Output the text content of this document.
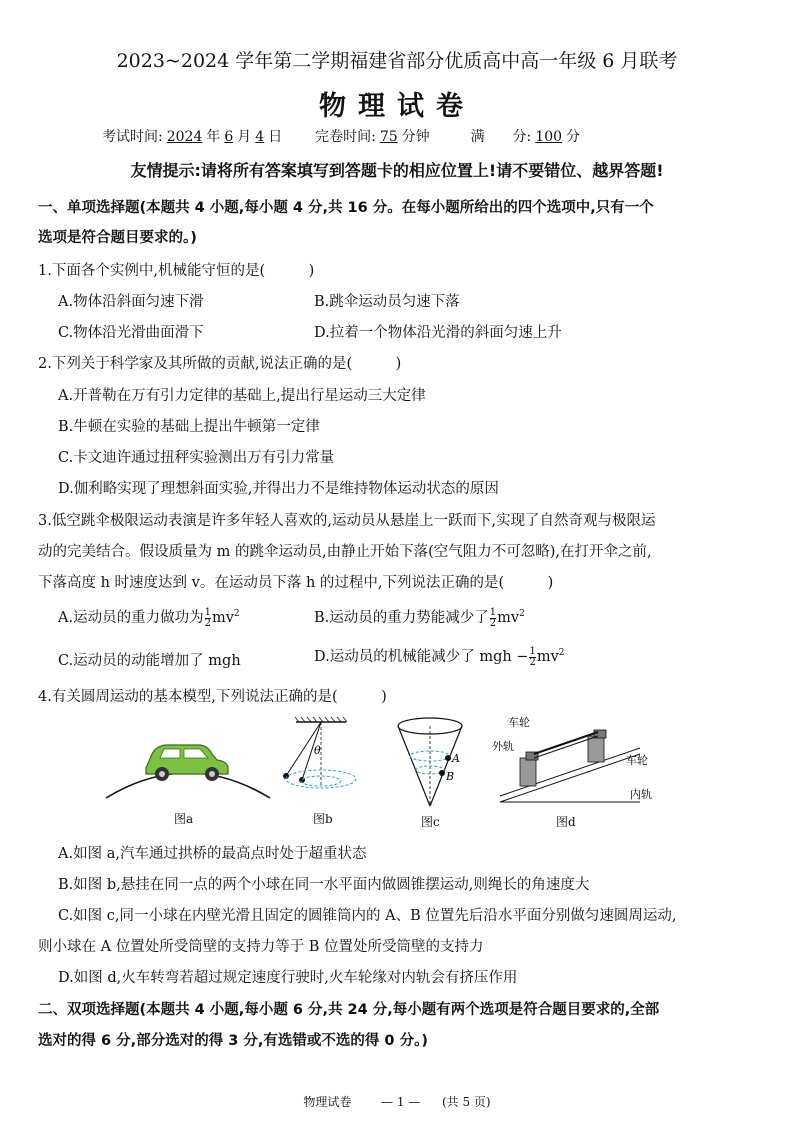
2023~2024 学年第二学期福建省部分优质高中高一年级 6 月联考
物理试卷
考试时间: 2024 年 6 月 4 日 完卷时间: 75 分钟	满　　分: 100 分
友情提示:请将所有答案填写到答题卡的相应位置上!请不要错位、越界答题!
一、单项选择题(本题共 4 小题,每小题 4 分,共 16 分。在每小题所给出的四个选项中,只有一个
选项是符合题目要求的。)
1.下面各个实例中,机械能守恒的是(　　　)
A.物体沿斜面匀速下滑	B.跳伞运动员匀速下落
C.物体沿光滑曲面滑下	D.拉着一个物体沿光滑的斜面匀速上升
2.下列关于科学家及其所做的贡献,说法正确的是(　　　)
A.开普勒在万有引力定律的基础上,提出行星运动三大定律
B.牛顿在实验的基础上提出牛顿第一定律
C.卡文迪许通过扭秤实验测出万有引力常量
D.伽利略实现了理想斜面实验,并得出力不是维持物体运动状态的原因
3.低空跳伞极限运动表演是许多年轻人喜欢的,运动员从悬崖上一跃而下,实现了自然奇观与极限运
动的完美结合。假设质量为 m 的跳伞运动员,由静止开始下落(空气阻力不可忽略),在打开伞之前,
下落高度 h 时速度达到 v。在运动员下落 h 的过程中,下列说法正确的是(　　　)
A.运动员的重力做功为 $\frac{1}{2} mv^2$	B.运动员的重力势能减少了 $\frac{1}{2} mv^2$
C.运动员的动能增加了 mgh	D.运动员的机械能减少了 mgh − $\frac{1}{2} mv^2$
4.有关圆周运动的基本模型,下列说法正确的是(　　　)
图a
θ
图b
A
B
图c
车轮
外轨
车轮
内轨
图d
A.如图 a,汽车通过拱桥的最高点时处于超重状态
B.如图 b,悬挂在同一点的两个小球在同一水平面内做圆锥摆运动,则绳长的角速度大
C.如图 c,同一小球在内壁光滑且固定的圆锥筒内的 A、B 位置先后沿水平面分别做匀速圆周运动,
则小球在 A 位置处所受筒壁的支持力等于 B 位置处所受筒壁的支持力
D.如图 d,火车转弯若超过规定速度行驶时,火车轮缘对内轨会有挤压作用
二、双项选择题(本题共 4 小题,每小题 6 分,共 24 分,每小题有两个选项是符合题目要求的,全部
选对的得 6 分,部分选对的得 3 分,有选错或不选的得 0 分。)
物理试卷 — 1 — (共 5 页)
